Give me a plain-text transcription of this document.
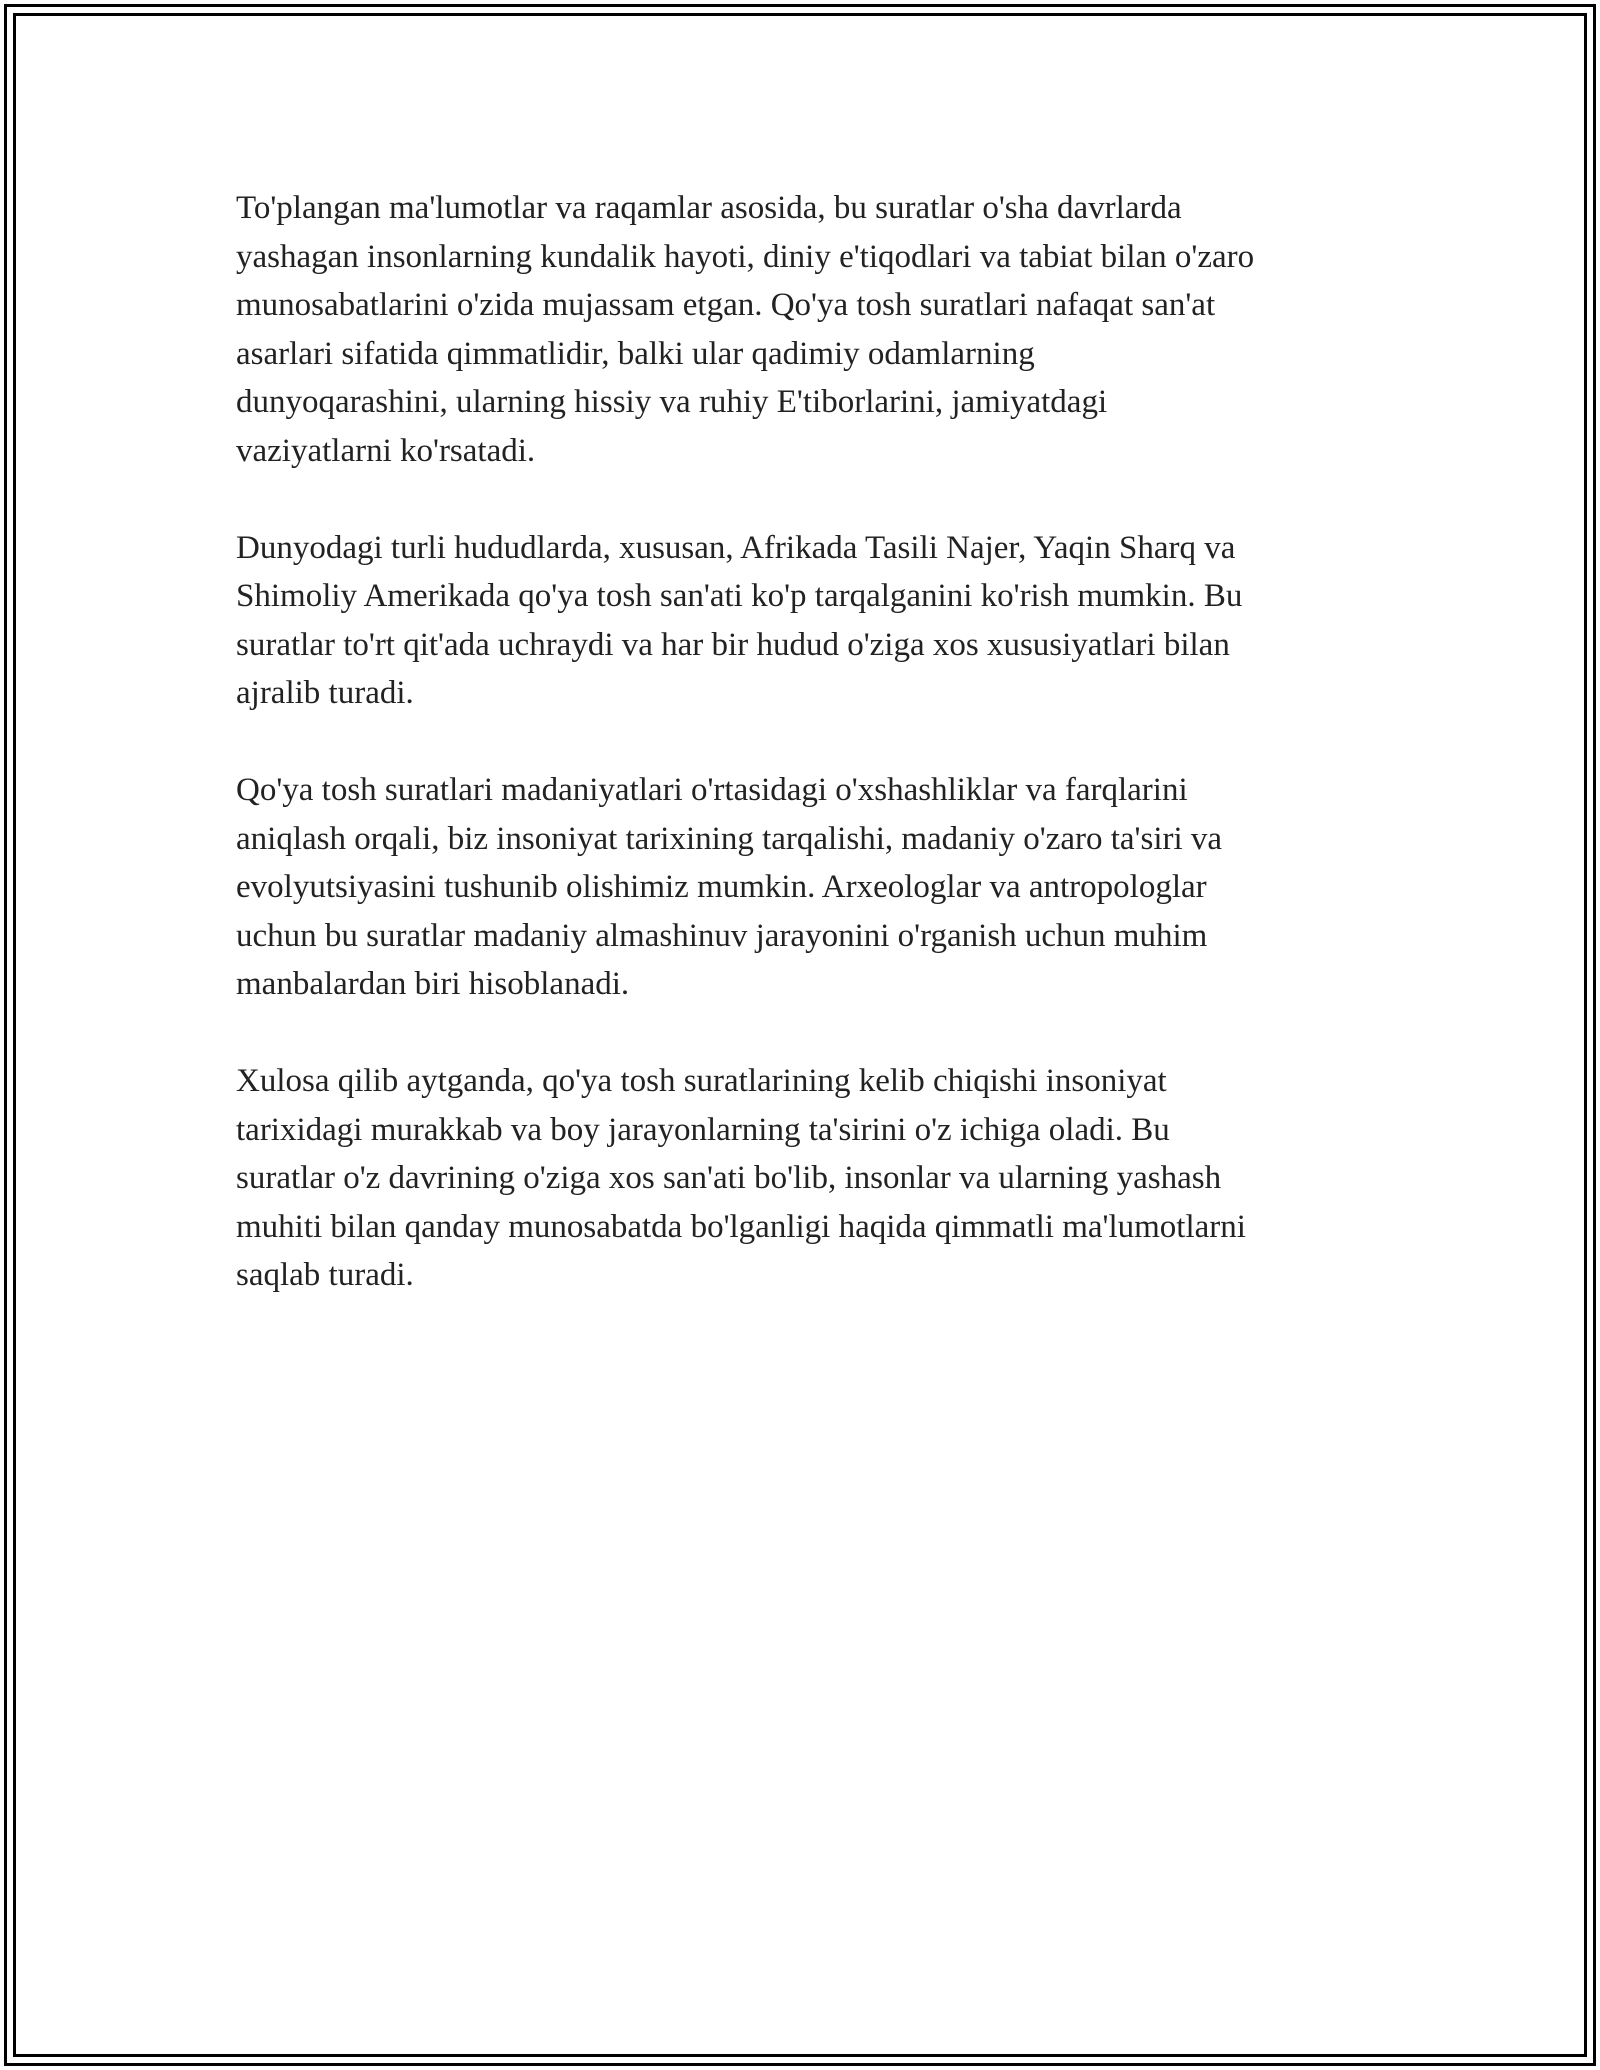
To'plangan ma'lumotlar va raqamlar asosida, bu suratlar o'sha davrlarda
yashagan insonlarning kundalik hayoti, diniy e'tiqodlari va tabiat bilan o'zaro
munosabatlarini o'zida mujassam etgan. Qo'ya tosh suratlari nafaqat san'at
asarlari sifatida qimmatlidir, balki ular qadimiy odamlarning
dunyoqarashini, ularning hissiy va ruhiy E'tiborlarini, jamiyatdagi
vaziyatlarni ko'rsatadi.

Dunyodagi turli hududlarda, xususan, Afrikada Tasili Najer, Yaqin Sharq va
Shimoliy Amerikada qo'ya tosh san'ati ko'p tarqalganini ko'rish mumkin. Bu
suratlar to'rt qit'ada uchraydi va har bir hudud o'ziga xos xususiyatlari bilan
ajralib turadi.

Qo'ya tosh suratlari madaniyatlari o'rtasidagi o'xshashliklar va farqlarini
aniqlash orqali, biz insoniyat tarixining tarqalishi, madaniy o'zaro ta'siri va
evolyutsiyasini tushunib olishimiz mumkin. Arxeologlar va antropologlar
uchun bu suratlar madaniy almashinuv jarayonini o'rganish uchun muhim
manbalardan biri hisoblanadi.

Xulosa qilib aytganda, qo'ya tosh suratlarining kelib chiqishi insoniyat
tarixidagi murakkab va boy jarayonlarning ta'sirini o'z ichiga oladi. Bu
suratlar o'z davrining o'ziga xos san'ati bo'lib, insonlar va ularning yashash
muhiti bilan qanday munosabatda bo'lganligi haqida qimmatli ma'lumotlarni
saqlab turadi.
